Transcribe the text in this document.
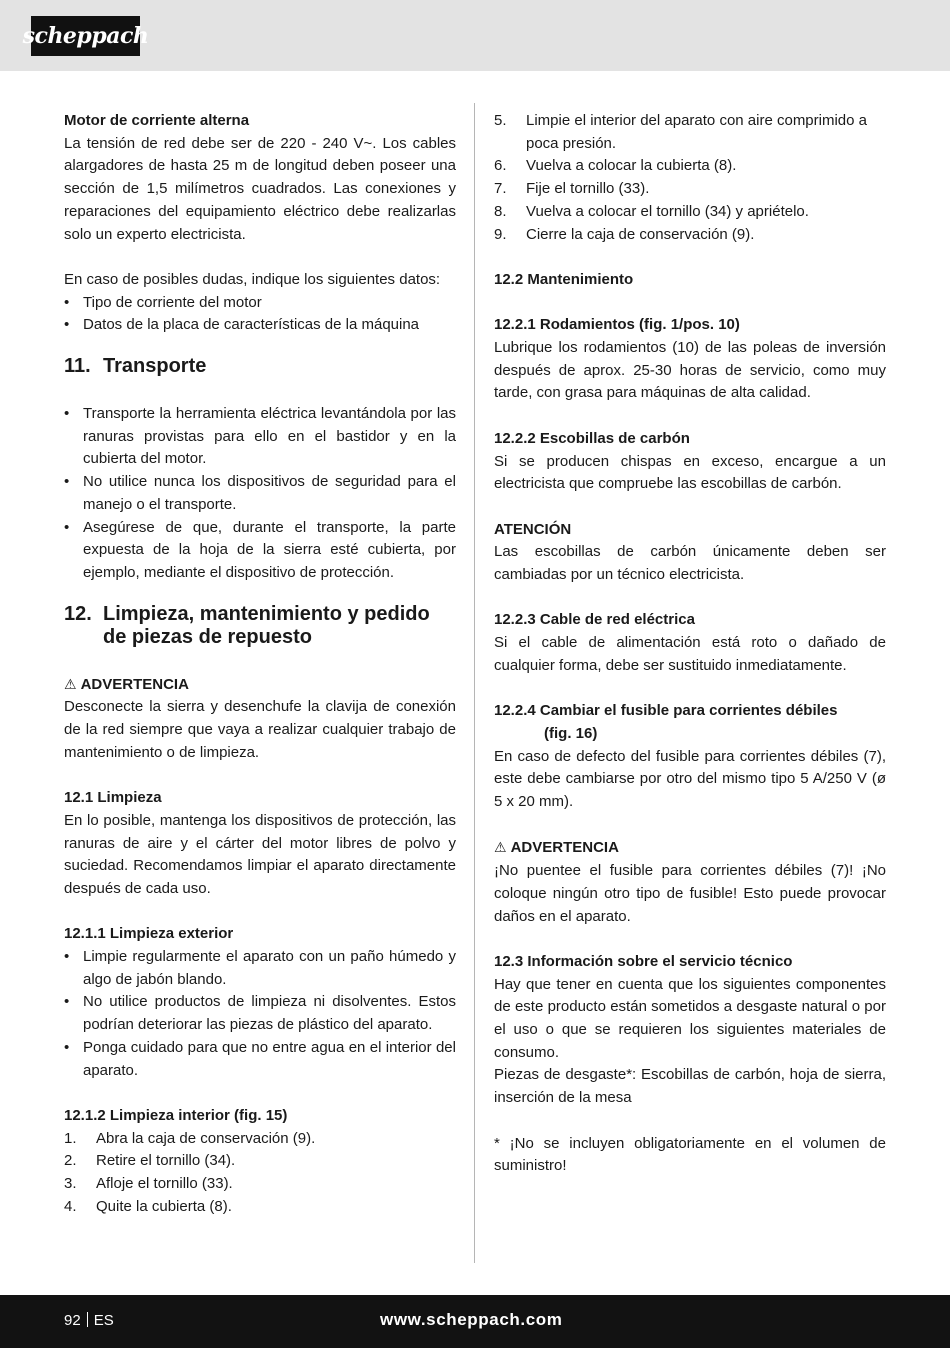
scheppach

Motor de corriente alterna

La tensión de red debe ser de 220 - 240 V~. Los cables alargadores de hasta 25 m de longitud deben poseer una sección de 1,5 milímetros cuadrados. Las conexiones y reparaciones del equipamiento eléctrico debe realizarlas solo un experto electricista.

En caso de posibles dudas, indique los siguientes datos:

• Tipo de corriente del motor
• Datos de la placa de características de la máquina
11. Transporte
• Transporte la herramienta eléctrica levantándola por las ranuras provistas para ello en el bastidor y en la cubierta del motor.
• No utilice nunca los dispositivos de seguridad para el manejo o el transporte.
• Asegúrese de que, durante el transporte, la parte expuesta de la hoja de la sierra esté cubierta, por ejemplo, mediante el dispositivo de protección.
12. Limpieza, mantenimiento y pedido de piezas de repuesto

⚠ ADVERTENCIA

Desconecte la sierra y desenchufe la clavija de conexión de la red siempre que vaya a realizar cualquier trabajo de mantenimiento o de limpieza.

12.1 Limpieza

En lo posible, mantenga los dispositivos de protección, las ranuras de aire y el cárter del motor libres de polvo y suciedad. Recomendamos limpiar el aparato directamente después de cada uso.

12.1.1 Limpieza exterior

• Limpie regularmente el aparato con un paño húmedo y algo de jabón blando.
• No utilice productos de limpieza ni disolventes. Estos podrían deteriorar las piezas de plástico del aparato.
• Ponga cuidado para que no entre agua en el interior del aparato.

12.1.2 Limpieza interior (fig. 15)

1.	Abra la caja de conservación (9).
2.	Retire el tornillo (34).
3.	Afloje el tornillo (33).
4.	Quite la cubierta (8).
5.	Limpie el interior del aparato con aire comprimido a poca presión.
6.	Vuelva a colocar la cubierta (8).
7.	Fije el tornillo (33).
8.	Vuelva a colocar el tornillo (34) y apriételo.
9.	Cierre la caja de conservación (9).

12.2 Mantenimiento

12.2.1 Rodamientos (fig. 1/pos. 10)

Lubrique los rodamientos (10) de las poleas de inversión después de aprox. 25-30 horas de servicio, como muy tarde, con grasa para máquinas de alta calidad.

12.2.2 Escobillas de carbón

Si se producen chispas en exceso, encargue a un electricista que compruebe las escobillas de carbón.

ATENCIÓN

Las escobillas de carbón únicamente deben ser cambiadas por un técnico electricista.

12.2.3 Cable de red eléctrica

Si el cable de alimentación está roto o dañado de cualquier forma, debe ser sustituido inmediatamente.

12.2.4 Cambiar el fusible para corrientes débiles

(fig. 16)

En caso de defecto del fusible para corrientes débiles (7), este debe cambiarse por otro del mismo tipo 5 A/250 V (ø 5 x 20 mm).

⚠ ADVERTENCIA

¡No puentee el fusible para corrientes débiles (7)! ¡No coloque ningún otro tipo de fusible! Esto puede provocar daños en el aparato.

12.3 Información sobre el servicio técnico

Hay que tener en cuenta que los siguientes componentes de este producto están sometidos a desgaste natural o por el uso o que se requieren los siguientes materiales de consumo.

Piezas de desgaste*: Escobillas de carbón, hoja de sierra, inserción de la mesa

* ¡No se incluyen obligatoriamente en el volumen de suministro!

92 ES	www.scheppach.com
